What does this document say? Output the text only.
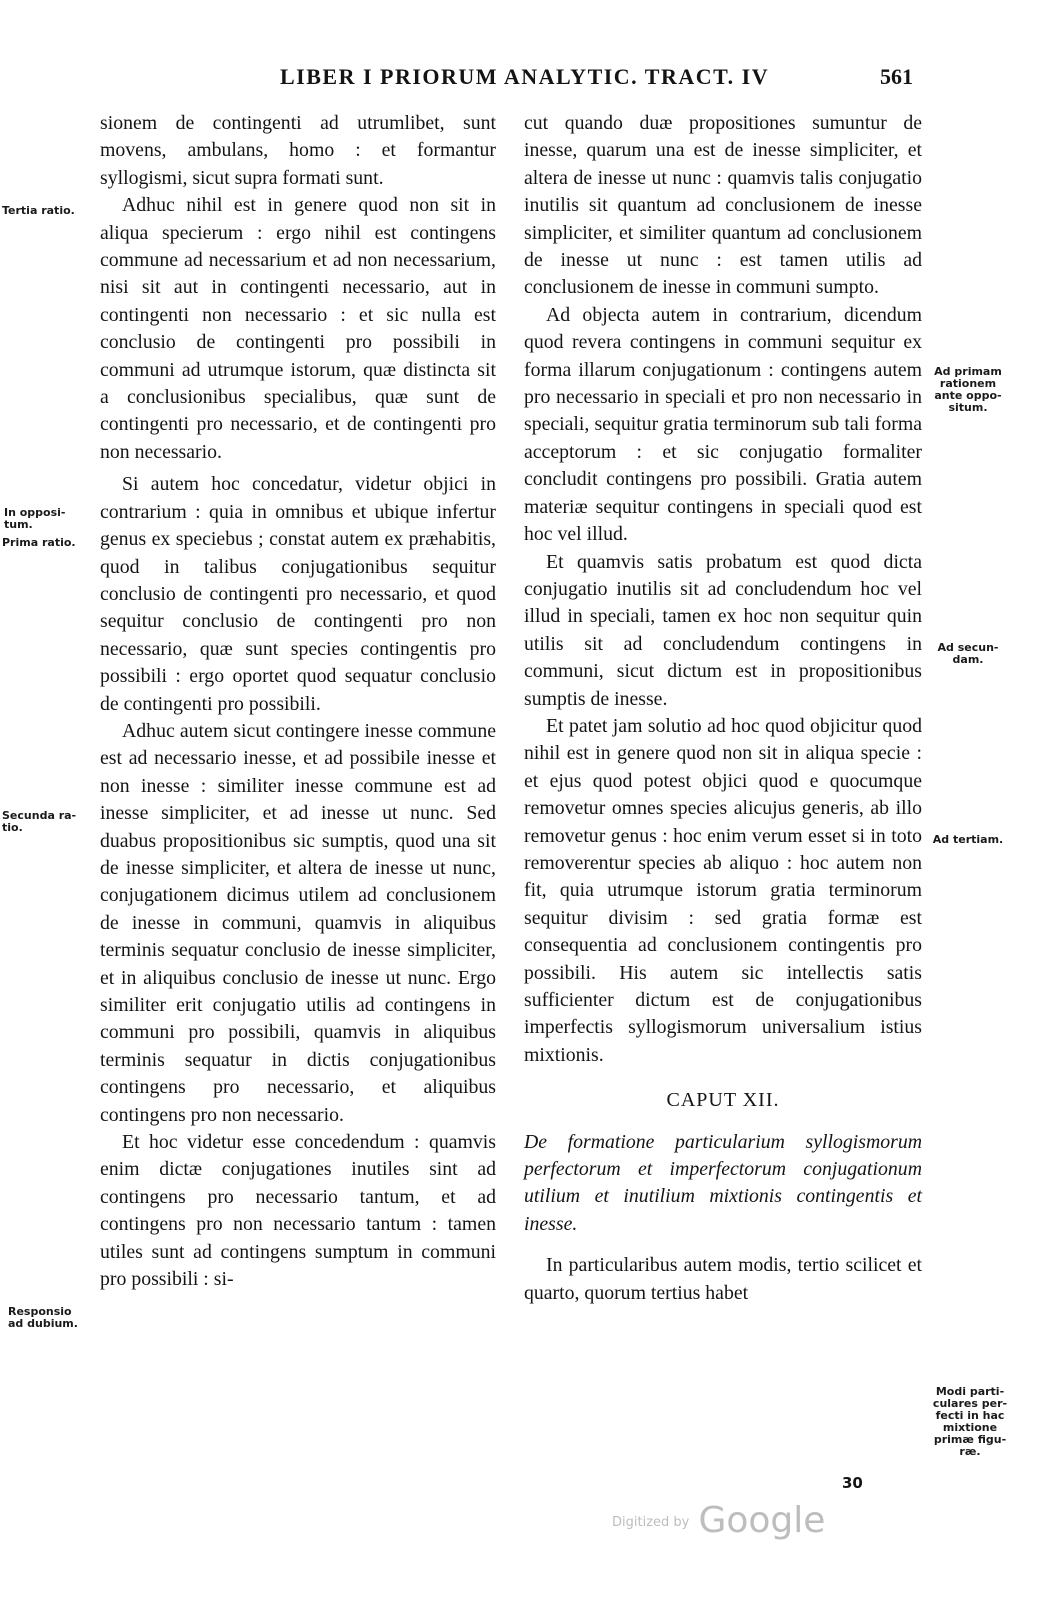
LIBER I PRIORUM ANALYTIC. TRACT. IV	561

sionem de contingenti ad utrumlibet, sunt movens, ambulans, homo : et formantur syllogismi, sicut supra formati sunt.

Adhuc nihil est in genere quod non sit in aliqua specierum : ergo nihil est contingens commune ad necessarium et ad non necessarium, nisi sit aut in contingenti necessario, aut in contingenti non necessario : et sic nulla est conclusio de contingenti pro possibili in communi ad utrumque istorum, quæ distincta sit a conclusionibus specialibus, quæ sunt de contingenti pro necessario, et de contingenti pro non necessario.

Si autem hoc concedatur, videtur objici in contrarium : quia in omnibus et ubique infertur genus ex speciebus ; constat autem ex præhabitis, quod in talibus conjugationibus sequitur conclusio de contingenti pro necessario, et quod sequitur conclusio de contingenti pro non necessario, quæ sunt species contingentis pro possibili : ergo oportet quod sequatur conclusio de contingenti pro possibili.

Adhuc autem sicut contingere inesse commune est ad necessario inesse, et ad possibile inesse et non inesse : similiter inesse commune est ad inesse simpliciter, et ad inesse ut nunc. Sed duabus propositionibus sic sumptis, quod una sit de inesse simpliciter, et altera de inesse ut nunc, conjugationem dicimus utilem ad conclusionem de inesse in communi, quamvis in aliquibus terminis sequatur conclusio de inesse simpliciter, et in aliquibus conclusio de inesse ut nunc. Ergo similiter erit conjugatio utilis ad contingens in communi pro possibili, quamvis in aliquibus terminis sequatur in dictis conjugationibus contingens pro necessario, et aliquibus contingens pro non necessario.

Et hoc videtur esse concedendum : quamvis enim dictæ conjugationes inutiles sint ad contingens pro necessario tantum, et ad contingens pro non necessario tantum : tamen utiles sunt ad contingens sumptum in communi pro possibili : si-

cut quando duæ propositiones sumuntur de inesse, quarum una est de inesse simpliciter, et altera de inesse ut nunc : quamvis talis conjugatio inutilis sit quantum ad conclusionem de inesse simpliciter, et similiter quantum ad conclusionem de inesse ut nunc : est tamen utilis ad conclusionem de inesse in communi sumpto.

Ad objecta autem in contrarium, dicendum quod revera contingens in communi sequitur ex forma illarum conjugationum : contingens autem pro necessario in speciali et pro non necessario in speciali, sequitur gratia terminorum sub tali forma acceptorum : et sic conjugatio formaliter concludit contingens pro possibili. Gratia autem materiæ sequitur contingens in speciali quod est hoc vel illud.

Et quamvis satis probatum est quod dicta conjugatio inutilis sit ad concludendum hoc vel illud in speciali, tamen ex hoc non sequitur quin utilis sit ad concludendum contingens in communi, sicut dictum est in propositionibus sumptis de inesse.

Et patet jam solutio ad hoc quod objicitur quod nihil est in genere quod non sit in aliqua specie : et ejus quod potest objici quod e quocumque removetur omnes species alicujus generis, ab illo removetur genus : hoc enim verum esset si in toto removerentur species ab aliquo : hoc autem non fit, quia utrumque istorum gratia terminorum sequitur divisim : sed gratia formæ est consequentia ad conclusionem contingentis pro possibili. His autem sic intellectis satis sufficienter dictum est de conjugationibus imperfectis syllogismorum universalium istius mixtionis.

CAPUT XII.
De formatione particularium syllogismorum perfectorum et imperfectorum conjugationum utilium et inutilium mixtionis contingentis et inesse.

In particularibus autem modis, tertio scilicet et quarto, quorum tertius habet

Tertia ratio.
In opposi-
tum.
Prima ratio.
Secunda ra-
tio.
Responsio
ad dubium.
Ad primam
rationem
ante oppo-
situm.
Ad secun-
dam.
Ad tertiam.
Modi parti-
culares per-
fecti in hac
mixtione
primæ figu-
ræ.
30
$^{Digitized by}$ Google
